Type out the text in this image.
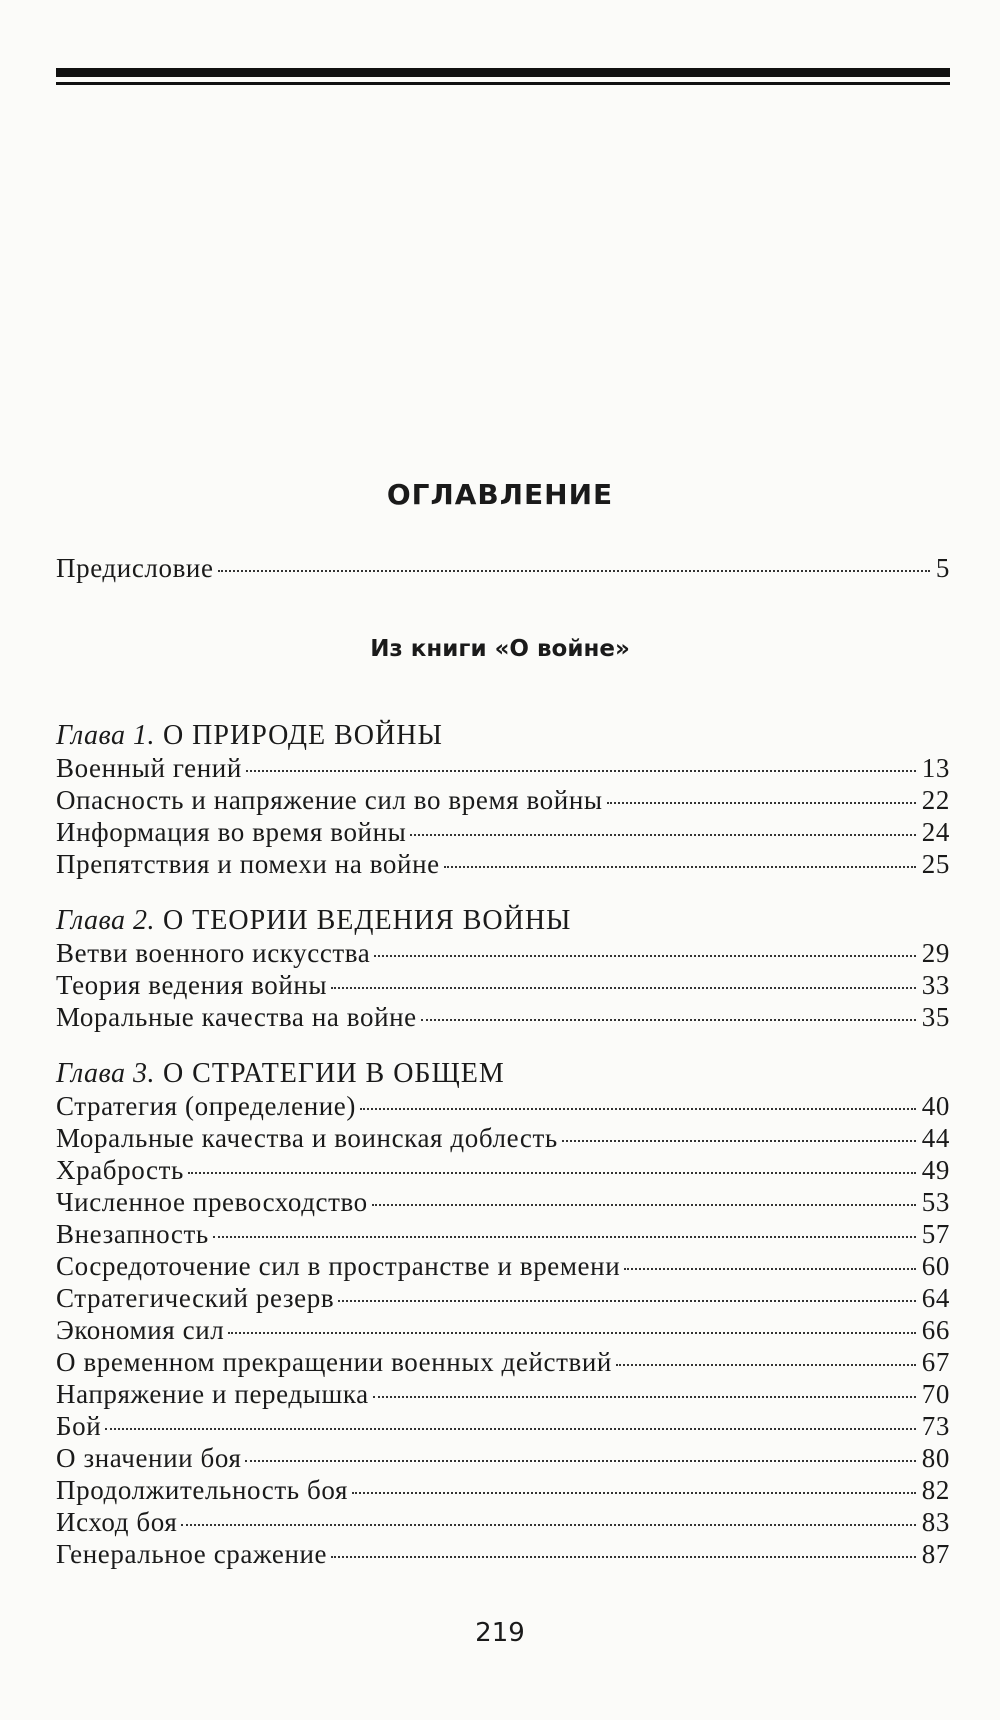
ОГЛАВЛЕНИЕ
Предисловие	5
Из книги «О войне»
Глава 1. О ПРИРОДЕ ВОЙНЫ
Военный гений	13
Опасность и напряжение сил во время войны	22
Информация во время войны	24
Препятствия и помехи на войне	25
Глава 2. О ТЕОРИИ ВЕДЕНИЯ ВОЙНЫ
Ветви военного искусства	29
Теория ведения войны	33
Моральные качества на войне	35
Глава 3. О СТРАТЕГИИ В ОБЩЕМ
Стратегия (определение)	40
Моральные качества и воинская доблесть	44
Храбрость	49
Численное превосходство	53
Внезапность	57
Сосредоточение сил в пространстве и времени	60
Стратегический резерв	64
Экономия сил	66
О временном прекращении военных действий	67
Напряжение и передышка	70
Бой	73
О значении боя	80
Продолжительность боя	82
Исход боя	83
Генеральное сражение	87
219
